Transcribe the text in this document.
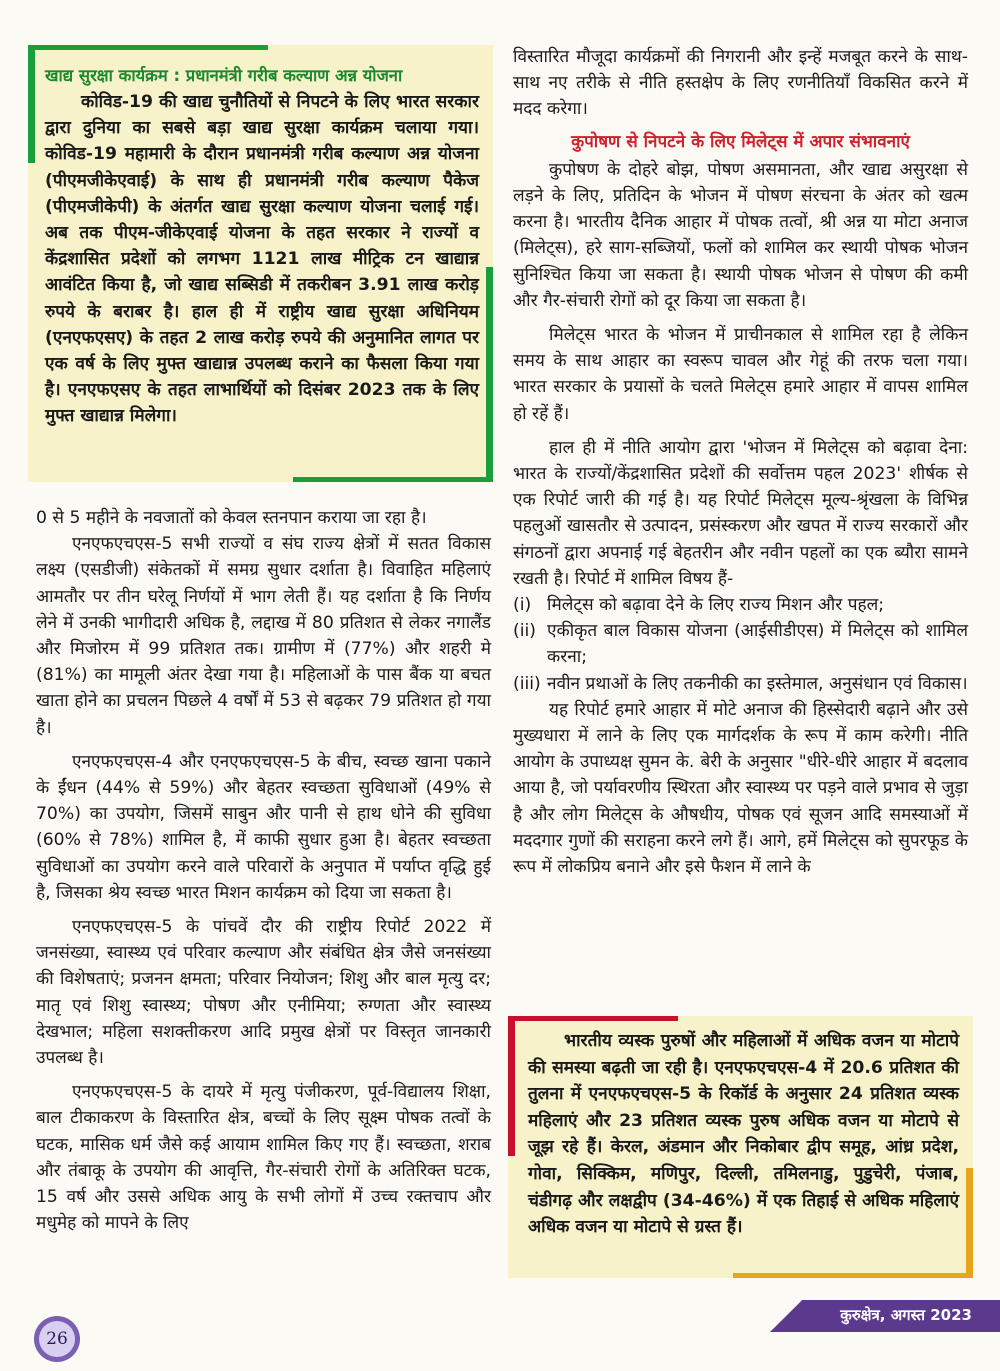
खाद्य सुरक्षा कार्यक्रम : प्रधानमंत्री गरीब कल्याण अन्न योजना

कोविड-19 की खाद्य चुनौतियों से निपटने के लिए भारत सरकार द्वारा दुनिया का सबसे बड़ा खाद्य सुरक्षा कार्यक्रम चलाया गया। कोविड-19 महामारी के दौरान प्रधानमंत्री गरीब कल्याण अन्न योजना (पीएमजीकेएवाई) के साथ ही प्रधानमंत्री गरीब कल्याण पैकेज (पीएमजीकेपी) के अंतर्गत खाद्य सुरक्षा कल्याण योजना चलाई गई। अब तक पीएम-जीकेएवाई योजना के तहत सरकार ने राज्यों व केंद्रशासित प्रदेशों को लगभग 1121 लाख मीट्रिक टन खाद्यान्न आवंटित किया है, जो खाद्य सब्सिडी में तकरीबन 3.91 लाख करोड़ रुपये के बराबर है। हाल ही में राष्ट्रीय खाद्य सुरक्षा अधिनियम (एनएफएसए) के तहत 2 लाख करोड़ रुपये की अनुमानित लागत पर एक वर्ष के लिए मुफ्त खाद्यान्न उपलब्ध कराने का फैसला किया गया है। एनएफएसए के तहत लाभार्थियों को दिसंबर 2023 तक के लिए मुफ्त खाद्यान्न मिलेगा।

0 से 5 महीने के नवजातों को केवल स्तनपान कराया जा रहा है।

एनएफएचएस-5 सभी राज्यों व संघ राज्य क्षेत्रों में सतत विकास लक्ष्य (एसडीजी) संकेतकों में समग्र सुधार दर्शाता है। विवाहित महिलाएं आमतौर पर तीन घरेलू निर्णयों में भाग लेती हैं। यह दर्शाता है कि निर्णय लेने में उनकी भागीदारी अधिक है, लद्दाख में 80 प्रतिशत से लेकर नगालैंड और मिजोरम में 99 प्रतिशत तक। ग्रामीण में (77%) और शहरी मे (81%) का मामूली अंतर देखा गया है। महिलाओं के पास बैंक या बचत खाता होने का प्रचलन पिछले 4 वर्षों में 53 से बढ़कर 79 प्रतिशत हो गया है।

एनएफएचएस-4 और एनएफएचएस-5 के बीच, स्वच्छ खाना पकाने के ईंधन (44% से 59%) और बेहतर स्वच्छता सुविधाओं (49% से 70%) का उपयोग, जिसमें साबुन और पानी से हाथ धोने की सुविधा (60% से 78%) शामिल है, में काफी सुधार हुआ है। बेहतर स्वच्छता सुविधाओं का उपयोग करने वाले परिवारों के अनुपात में पर्याप्त वृद्धि हुई है, जिसका श्रेय स्वच्छ भारत मिशन कार्यक्रम को दिया जा सकता है।

एनएफएचएस-5 के पांचवें दौर की राष्ट्रीय रिपोर्ट 2022 में जनसंख्या, स्वास्थ्य एवं परिवार कल्याण और संबंधित क्षेत्र जैसे जनसंख्या की विशेषताएं; प्रजनन क्षमता; परिवार नियोजन; शिशु और बाल मृत्यु दर; मातृ एवं शिशु स्वास्थ्य; पोषण और एनीमिया; रुग्णता और स्वास्थ्य देखभाल; महिला सशक्तीकरण आदि प्रमुख क्षेत्रों पर विस्तृत जानकारी उपलब्ध है।

एनएफएचएस-5 के दायरे में मृत्यु पंजीकरण, पूर्व-विद्यालय शिक्षा, बाल टीकाकरण के विस्तारित क्षेत्र, बच्चों के लिए सूक्ष्म पोषक तत्वों के घटक, मासिक धर्म जैसे कई आयाम शामिल किए गए हैं। स्वच्छता, शराब और तंबाकू के उपयोग की आवृत्ति, गैर-संचारी रोगों के अतिरिक्त घटक, 15 वर्ष और उससे अधिक आयु के सभी लोगों में उच्च रक्तचाप और मधुमेह को मापने के लिए

विस्तारित मौजूदा कार्यक्रमों की निगरानी और इन्हें मजबूत करने के साथ-साथ नए तरीके से नीति हस्तक्षेप के लिए रणनीतियाँ विकसित करने में मदद करेगा।

कुपोषण से निपटने के लिए मिलेट्स में अपार संभावनाएं

कुपोषण के दोहरे बोझ, पोषण असमानता, और खाद्य असुरक्षा से लड़ने के लिए, प्रतिदिन के भोजन में पोषण संरचना के अंतर को खत्म करना है। भारतीय दैनिक आहार में पोषक तत्वों, श्री अन्न या मोटा अनाज (मिलेट्स), हरे साग-सब्जियों, फलों को शामिल कर स्थायी पोषक भोजन सुनिश्चित किया जा सकता है। स्थायी पोषक भोजन से पोषण की कमी और गैर-संचारी रोगों को दूर किया जा सकता है।

मिलेट्स भारत के भोजन में प्राचीनकाल से शामिल रहा है लेकिन समय के साथ आहार का स्वरूप चावल और गेहूं की तरफ चला गया। भारत सरकार के प्रयासों के चलते मिलेट्स हमारे आहार में वापस शामिल हो रहें हैं।

हाल ही में नीति आयोग द्वारा 'भोजन में मिलेट्स को बढ़ावा देना: भारत के राज्यों/केंद्रशासित प्रदेशों की सर्वोत्तम पहल 2023' शीर्षक से एक रिपोर्ट जारी की गई है। यह रिपोर्ट मिलेट्स मूल्य-श्रृंखला के विभिन्न पहलुओं खासतौर से उत्पादन, प्रसंस्करण और खपत में राज्य सरकारों और संगठनों द्वारा अपनाई गई बेहतरीन और नवीन पहलों का एक ब्यौरा सामने रखती है। रिपोर्ट में शामिल विषय हैं-

(i) मिलेट्स को बढ़ावा देने के लिए राज्य मिशन और पहल;
(ii) एकीकृत बाल विकास योजना (आईसीडीएस) में मिलेट्स को शामिल करना;
(iii) नवीन प्रथाओं के लिए तकनीकी का इस्तेमाल, अनुसंधान एवं विकास।

यह रिपोर्ट हमारे आहार में मोटे अनाज की हिस्सेदारी बढ़ाने और उसे मुख्यधारा में लाने के लिए एक मार्गदर्शक के रूप में काम करेगी। नीति आयोग के उपाध्यक्ष सुमन के. बेरी के अनुसार "धीरे-धीरे आहार में बदलाव आया है, जो पर्यावरणीय स्थिरता और स्वास्थ्य पर पड़ने वाले प्रभाव से जुड़ा है और लोग मिलेट्स के औषधीय, पोषक एवं सूजन आदि समस्याओं में मददगार गुणों की सराहना करने लगे हैं। आगे, हमें मिलेट्स को सुपरफूड के रूप में लोकप्रिय बनाने और इसे फैशन में लाने के

भारतीय व्यस्क पुरुषों और महिलाओं में अधिक वजन या मोटापे की समस्या बढ़ती जा रही है। एनएफएचएस-4 में 20.6 प्रतिशत की तुलना में एनएफएचएस-5 के रिकॉर्ड के अनुसार 24 प्रतिशत व्यस्क महिलाएं और 23 प्रतिशत व्यस्क पुरुष अधिक वजन या मोटापे से जूझ रहे हैं। केरल, अंडमान और निकोबार द्वीप समूह, आंध्र प्रदेश, गोवा, सिक्किम, मणिपुर, दिल्ली, तमिलनाडु, पुडुचेरी, पंजाब, चंडीगढ़ और लक्षद्वीप (34-46%) में एक तिहाई से अधिक महिलाएं अधिक वजन या मोटापे से ग्रस्त हैं।

26
कुरुक्षेत्र, अगस्त 2023
